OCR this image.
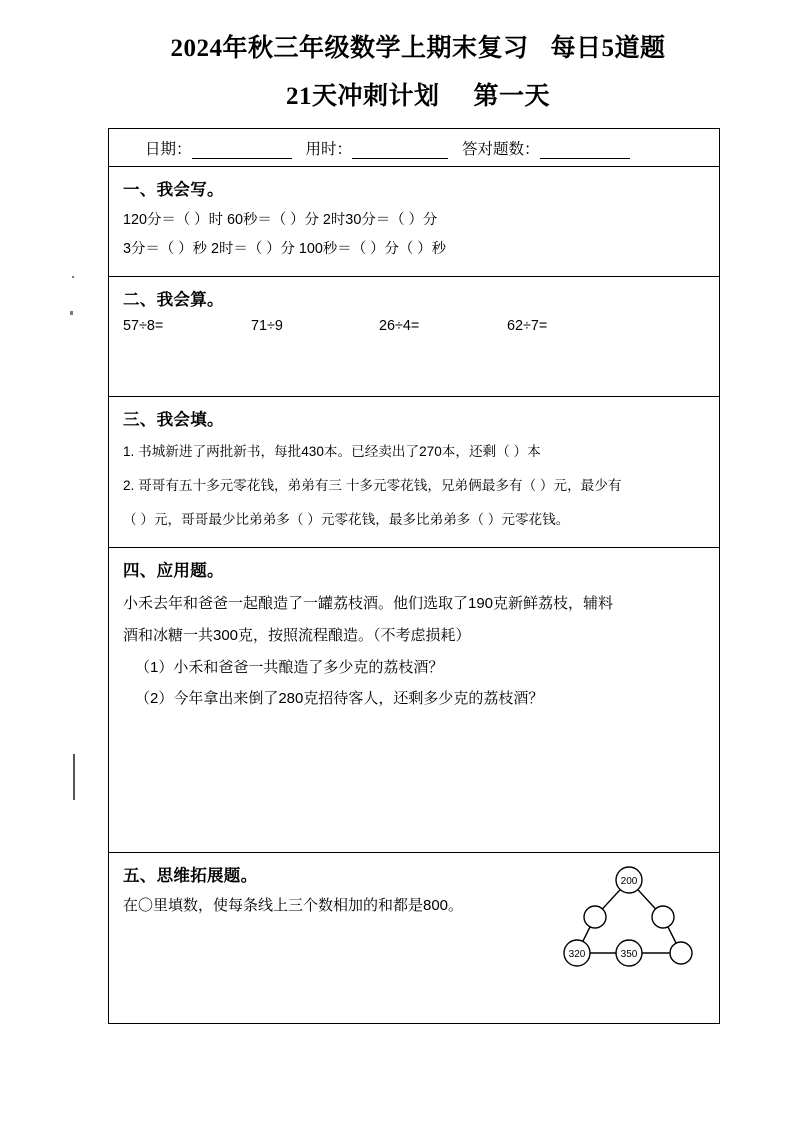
2024年秋三年级数学上期末复习 每日5道题
21天冲刺计划 第一天
日期：	用时：	答对题数：
一、我会写。
120分＝（ ）时 60秒＝（ ）分 2时30分＝（ ）分
3分＝（ ）秒 2时＝（ ）分 100秒＝（ ）分（ ）秒
二、我会算。
57÷8=	71÷9	26÷4=	62÷7=
三、我会填。
1. 书城新进了两批新书，每批430本。已经卖出了270本，还剩（ ）本
2. 哥哥有五十多元零花钱，弟弟有三 十多元零花钱，兄弟俩最多有（ ）元，最少有
（ ）元，哥哥最少比弟弟多（ ）元零花钱，最多比弟弟多（ ）元零花钱。
四、应用题。
小禾去年和爸爸一起酿造了一罐荔枝酒。他们选取了190克新鲜荔枝，辅料
酒和冰糖一共300克，按照流程酿造。（不考虑损耗）
（1）小禾和爸爸一共酿造了多少克的荔枝酒？
（2）今年拿出来倒了280克招待客人，还剩多少克的荔枝酒？
五、思维拓展题。
在〇里填数，使每条线上三个数相加的和都是800。
200
320	350
